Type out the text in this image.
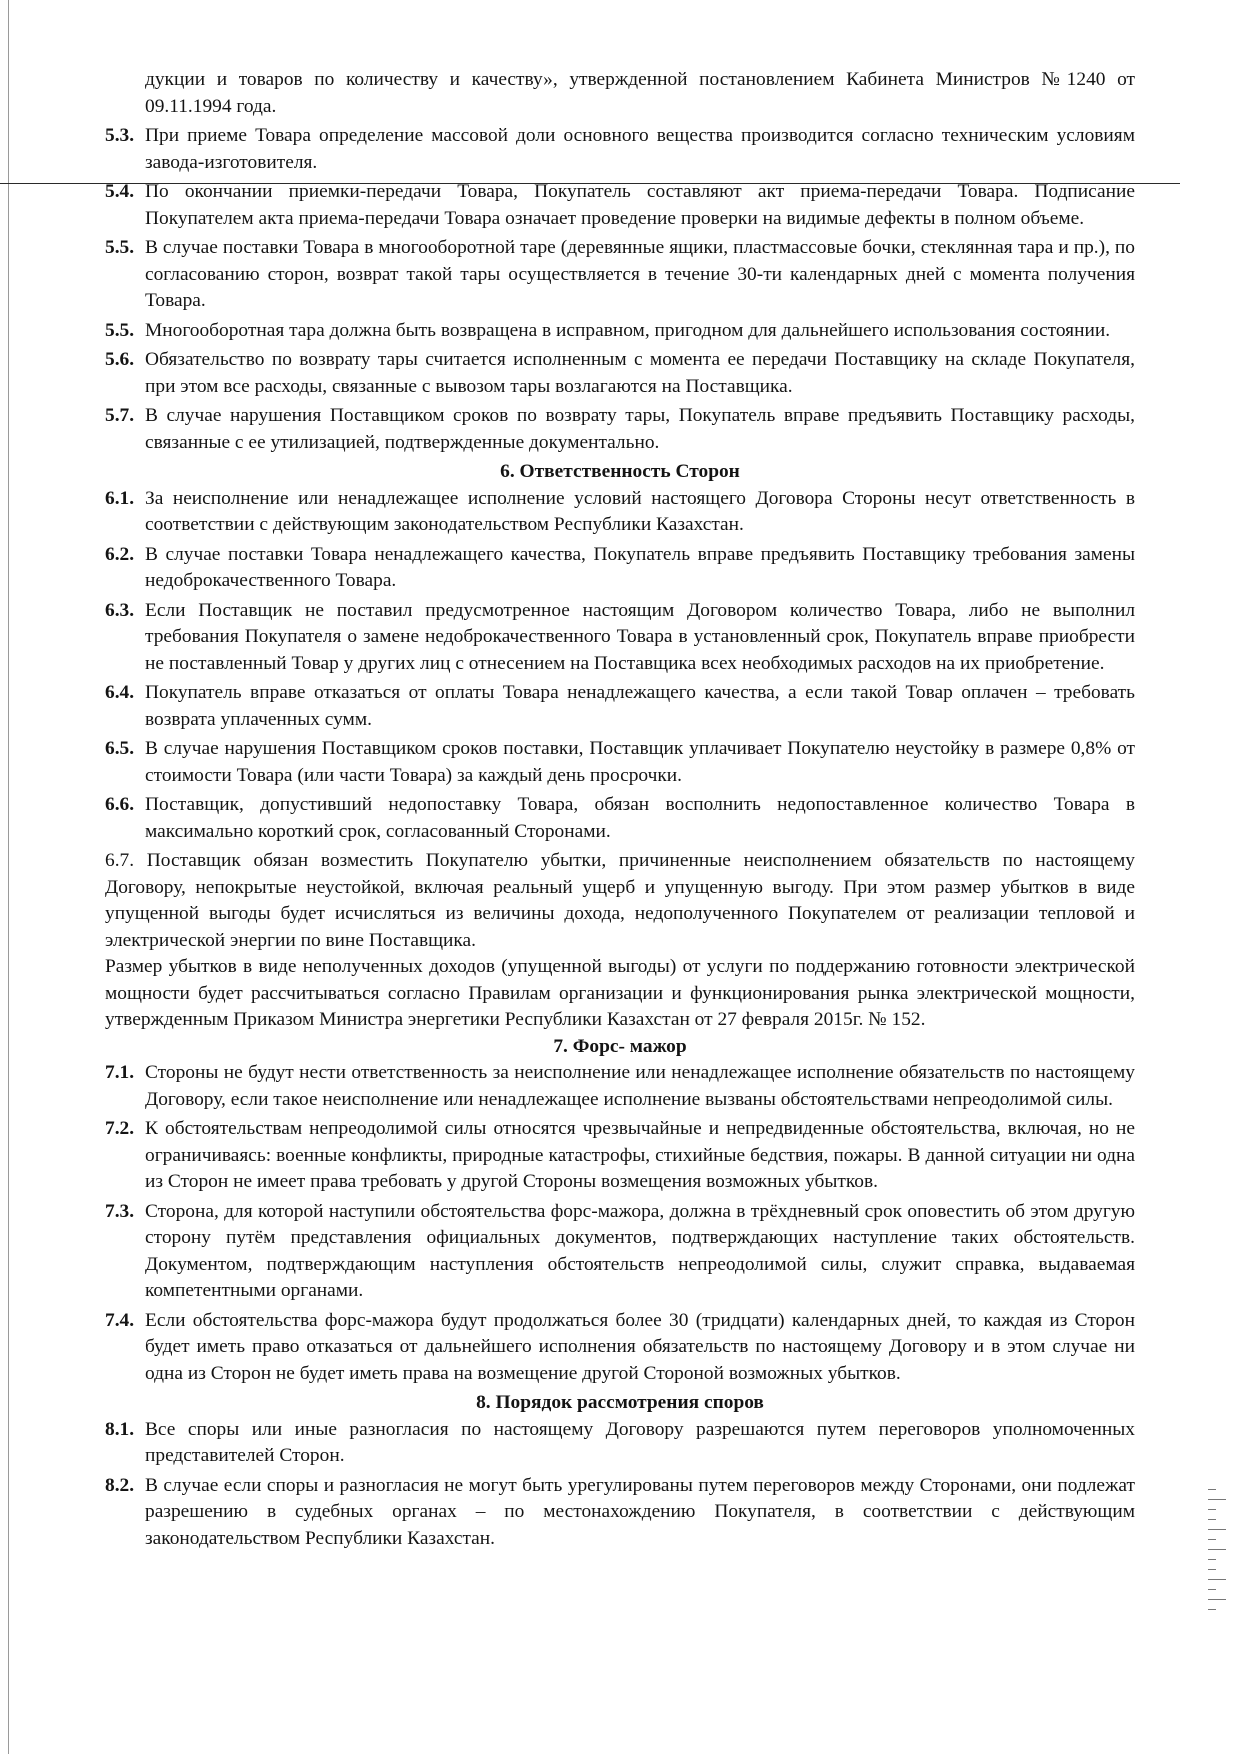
дукции и товаров по количеству и качеству», утвержденной постановлением Кабинета Министров №1240 от 09.11.1994 года.
5.3. При приеме Товара определение массовой доли основного вещества производится согласно техническим условиям завода-изготовителя.
5.4. По окончании приемки-передачи Товара, Покупатель составляют акт приема-передачи Товара. Подписание Покупателем акта приема-передачи Товара означает проведение проверки на видимые дефекты в полном объеме.
5.5. В случае поставки Товара в многооборотной таре (деревянные ящики, пластмассовые бочки, стеклянная тара и пр.), по согласованию сторон, возврат такой тары осуществляется в течение 30-ти календарных дней с момента получения Товара.
5.5. Многооборотная тара должна быть возвращена в исправном, пригодном для дальнейшего использования состоянии.
5.6. Обязательство по возврату тары считается исполненным с момента ее передачи Поставщику на складе Покупателя, при этом все расходы, связанные с вывозом тары возлагаются на Поставщика.
5.7. В случае нарушения Поставщиком сроков по возврату тары, Покупатель вправе предъявить Поставщику расходы, связанные с ее утилизацией, подтвержденные документально.
6. Ответственность Сторон
6.1. За неисполнение или ненадлежащее исполнение условий настоящего Договора Стороны несут ответственность в соответствии с действующим законодательством Республики Казахстан.
6.2. В случае поставки Товара ненадлежащего качества, Покупатель вправе предъявить Поставщику требования замены недоброкачественного Товара.
6.3. Если Поставщик не поставил предусмотренное настоящим Договором количество Товара, либо не выполнил требования Покупателя о замене недоброкачественного Товара в установленный срок, Покупатель вправе приобрести не поставленный Товар у других лиц с отнесением на Поставщика всех необходимых расходов на их приобретение.
6.4. Покупатель вправе отказаться от оплаты Товара ненадлежащего качества, а если такой Товар оплачен – требовать возврата уплаченных сумм.
6.5. В случае нарушения Поставщиком сроков поставки, Поставщик уплачивает Покупателю неустойку в размере 0,8% от стоимости Товара (или части Товара) за каждый день просрочки.
6.6. Поставщик, допустивший недопоставку Товара, обязан восполнить недопоставленное количество Товара в максимально короткий срок, согласованный Сторонами.
6.7. Поставщик обязан возместить Покупателю убытки, причиненные неисполнением обязательств по настоящему Договору, непокрытые неустойкой, включая реальный ущерб и упущенную выгоду. При этом размер убытков в виде упущенной выгоды будет исчисляться из величины дохода, недополученного Покупателем от реализации тепловой и электрической энергии по вине Поставщика.
Размер убытков в виде неполученных доходов (упущенной выгоды) от услуги по поддержанию готовности электрической мощности будет рассчитываться согласно Правилам организации и функционирования рынка электрической мощности, утвержденным Приказом Министра энергетики Республики Казахстан от 27 февраля 2015г. № 152.
7. Форс- мажор
7.1. Стороны не будут нести ответственность за неисполнение или ненадлежащее исполнение обязательств по настоящему Договору, если такое неисполнение или ненадлежащее исполнение вызваны обстоятельствами непреодолимой силы.
7.2. К обстоятельствам непреодолимой силы относятся чрезвычайные и непредвиденные обстоятельства, включая, но не ограничиваясь: военные конфликты, природные катастрофы, стихийные бедствия, пожары. В данной ситуации ни одна из Сторон не имеет права требовать у другой Стороны возмещения возможных убытков.
7.3. Сторона, для которой наступили обстоятельства форс-мажора, должна в трёхдневный срок оповестить об этом другую сторону путём представления официальных документов, подтверждающих наступление таких обстоятельств. Документом, подтверждающим наступления обстоятельств непреодолимой силы, служит справка, выдаваемая компетентными органами.
7.4. Если обстоятельства форс-мажора будут продолжаться более 30 (тридцати) календарных дней, то каждая из Сторон будет иметь право отказаться от дальнейшего исполнения обязательств по настоящему Договору и в этом случае ни одна из Сторон не будет иметь права на возмещение другой Стороной возможных убытков.
8. Порядок рассмотрения споров
8.1. Все споры или иные разногласия по настоящему Договору разрешаются путем переговоров уполномоченных представителей Сторон.
8.2. В случае если споры и разногласия не могут быть урегулированы путем переговоров между Сторонами, они подлежат разрешению в судебных органах – по местонахождению Покупателя, в соответствии с действующим законодательством Республики Казахстан.
